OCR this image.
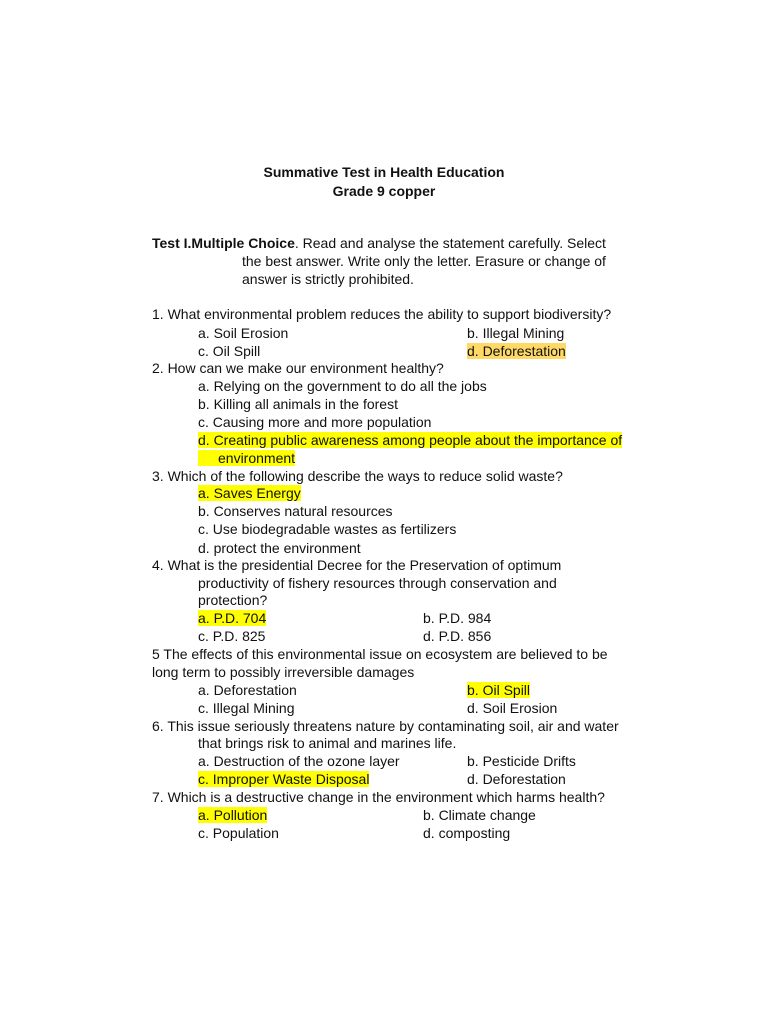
Summative Test in Health Education
Grade 9 copper
Test I.Multiple Choice. Read and analyse the statement carefully. Select
the best answer. Write only the letter. Erasure or change of
answer is strictly prohibited.
1. What environmental problem reduces the ability to support biodiversity?
a. Soil Erosion	b. Illegal Mining
c. Oil Spill	d. Deforestation
2. How can we make our environment healthy?
a. Relying on the government to do all the jobs
b. Killing all animals in the forest
c. Causing more and more population
d. Creating public awareness among people about the importance of
environment
3. Which of the following describe the ways to reduce solid waste?
a. Saves Energy
b. Conserves natural resources
c. Use biodegradable wastes as fertilizers
d. protect the environment
4. What is the presidential Decree for the Preservation of optimum
productivity of fishery resources through conservation and
protection?
a. P.D. 704	b. P.D. 984
c. P.D. 825	d. P.D. 856
5 The effects of this environmental issue on ecosystem are believed to be
long term to possibly irreversible damages
a. Deforestation	b. Oil Spill
c. Illegal Mining	d. Soil Erosion
6. This issue seriously threatens nature by contaminating soil, air and water
that brings risk to animal and marines life.
a. Destruction of the ozone layer	b. Pesticide Drifts
c. Improper Waste Disposal	d. Deforestation
7. Which is a destructive change in the environment which harms health?
a. Pollution	b. Climate change
c. Population	d. composting
